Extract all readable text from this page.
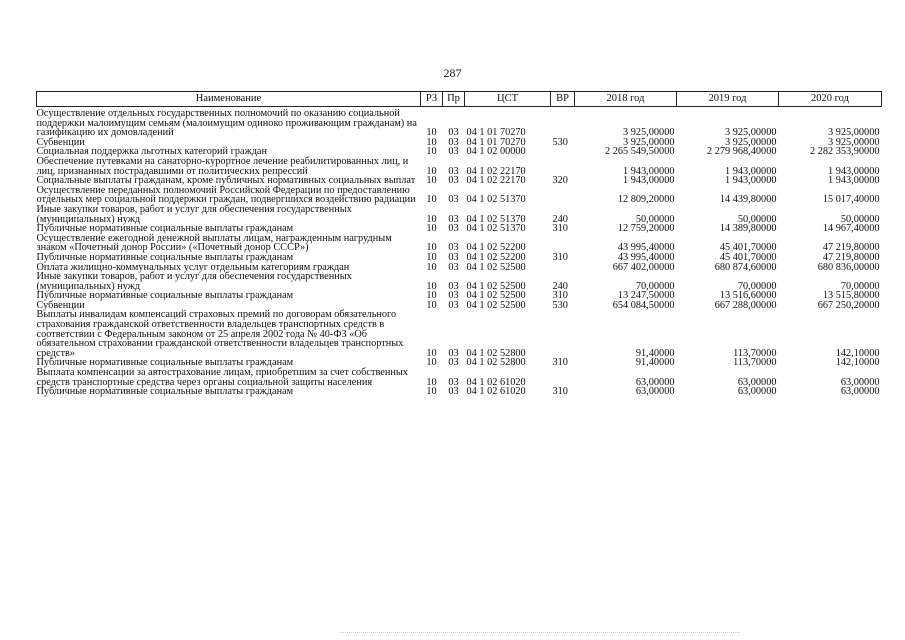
287
Наименование	РЗ	Пр	ЦСТ	ВР	2018 год	2019 год	2020 год
Осуществление отдельных государственных полномочий по оказанию социальной поддержки малоимущим семьям (малоимущим одиноко проживающим гражданам) на газификацию их домовладений	10	03	04 1 01 70270		3 925,00000	3 925,00000	3 925,00000
Субвенции	10	03	04 1 01 70270	530	3 925,00000	3 925,00000	3 925,00000
Социальная поддержка льготных категорий граждан	10	03	04 1 02 00000		2 265 549,50000	2 279 968,40000	2 282 353,90000
Обеспечение путевками на санаторно-курортное лечение реабилитированных лиц, и лиц, признанных пострадавшими от политических репрессий	10	03	04 1 02 22170		1 943,00000	1 943,00000	1 943,00000
Социальные выплаты гражданам, кроме публичных нормативных социальных выплат	10	03	04 1 02 22170	320	1 943,00000	1 943,00000	1 943,00000
Осуществление переданных полномочий Российской Федерации по предоставлению отдельных мер социальной поддержки граждан, подвергшихся воздействию радиации	10	03	04 1 02 51370		12 809,20000	14 439,80000	15 017,40000
Иные закупки товаров, работ и услуг для обеспечения государственных (муниципальных) нужд	10	03	04 1 02 51370	240	50,00000	50,00000	50,00000
Публичные нормативные социальные выплаты гражданам	10	03	04 1 02 51370	310	12 759,20000	14 389,80000	14 967,40000
Осуществление ежегодной денежной выплаты лицам, награжденным нагрудным знаком «Почетный донор России» («Почетный донор СССР»)	10	03	04 1 02 52200		43 995,40000	45 401,70000	47 219,80000
Публичные нормативные социальные выплаты гражданам	10	03	04 1 02 52200	310	43 995,40000	45 401,70000	47 219,80000
Оплата жилищно-коммунальных услуг отдельным категориям граждан	10	03	04 1 02 52500		667 402,00000	680 874,60000	680 836,00000
Иные закупки товаров, работ и услуг для обеспечения государственных (муниципальных) нужд	10	03	04 1 02 52500	240	70,00000	70,00000	70,00000
Публичные нормативные социальные выплаты гражданам	10	03	04 1 02 52500	310	13 247,50000	13 516,60000	13 515,80000
Субвенции	10	03	04 1 02 52500	530	654 084,50000	667 288,00000	667 250,20000
Выплаты инвалидам компенсаций страховых премий по договорам обязательного страхования гражданской ответственности владельцев транспортных средств в соответствии с Федеральным законом от 25 апреля 2002 года № 40-ФЗ «Об обязательном страховании гражданской ответственности владельцев транспортных средств»	10	03	04 1 02 52800		91,40000	113,70000	142,10000
Публичные нормативные социальные выплаты гражданам	10	03	04 1 02 52800	310	91,40000	113,70000	142,10000
Выплата компенсации за автострахование лицам, приобретшим за счет собственных средств транспортные средства через органы социальной защиты населения	10	03	04 1 02 61020		63,00000	63,00000	63,00000
Публичные нормативные социальные выплаты гражданам	10	03	04 1 02 61020	310	63,00000	63,00000	63,00000
